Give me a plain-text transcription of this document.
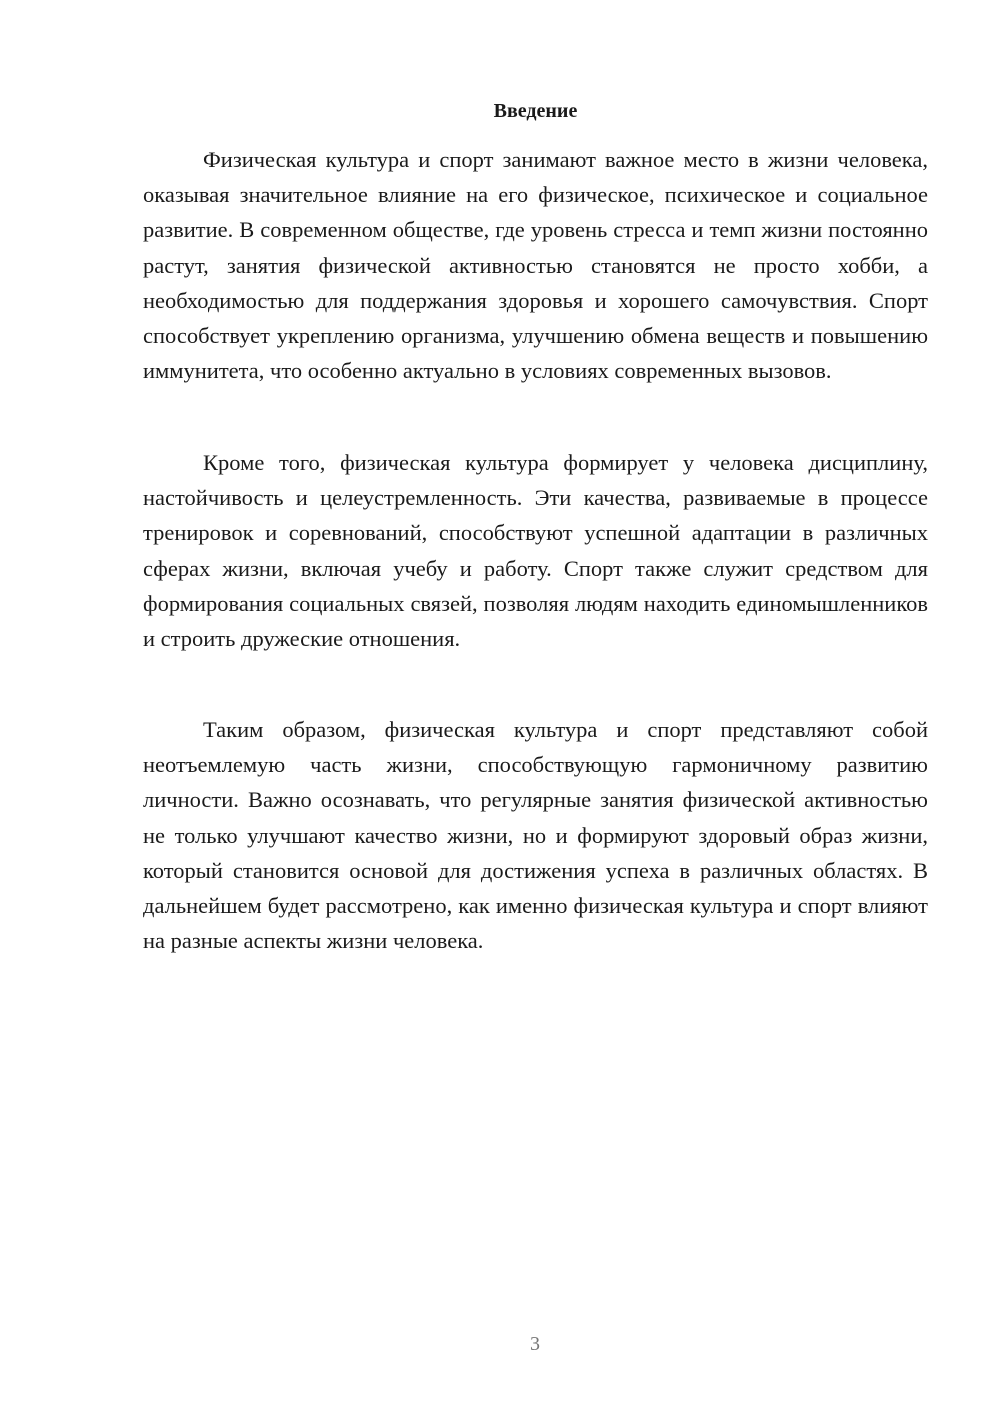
Введение

Физическая культура и спорт занимают важное место в жизни человека, оказывая значительное влияние на его физическое, психическое и социальное развитие. В современном обществе, где уровень стресса и темп жизни постоянно растут, занятия физической активностью становятся не просто хобби, а необходимостью для поддержания здоровья и хорошего самочувствия. Спорт способствует укреплению организма, улучшению обмена веществ и повышению иммунитета, что особенно актуально в условиях современных вызовов.

Кроме того, физическая культура формирует у человека дисциплину, настойчивость и целеустремленность. Эти качества, развиваемые в процессе тренировок и соревнований, способствуют успешной адаптации в различных сферах жизни, включая учебу и работу. Спорт также служит средством для формирования социальных связей, позволяя людям находить единомышленников и строить дружеские отношения.

Таким образом, физическая культура и спорт представляют собой неотъемлемую часть жизни, способствующую гармоничному развитию личности. Важно осознавать, что регулярные занятия физической активностью не только улучшают качество жизни, но и формируют здоровый образ жизни, который становится основой для достижения успеха в различных областях. В дальнейшем будет рассмотрено, как именно физическая культура и спорт влияют на разные аспекты жизни человека.

3
